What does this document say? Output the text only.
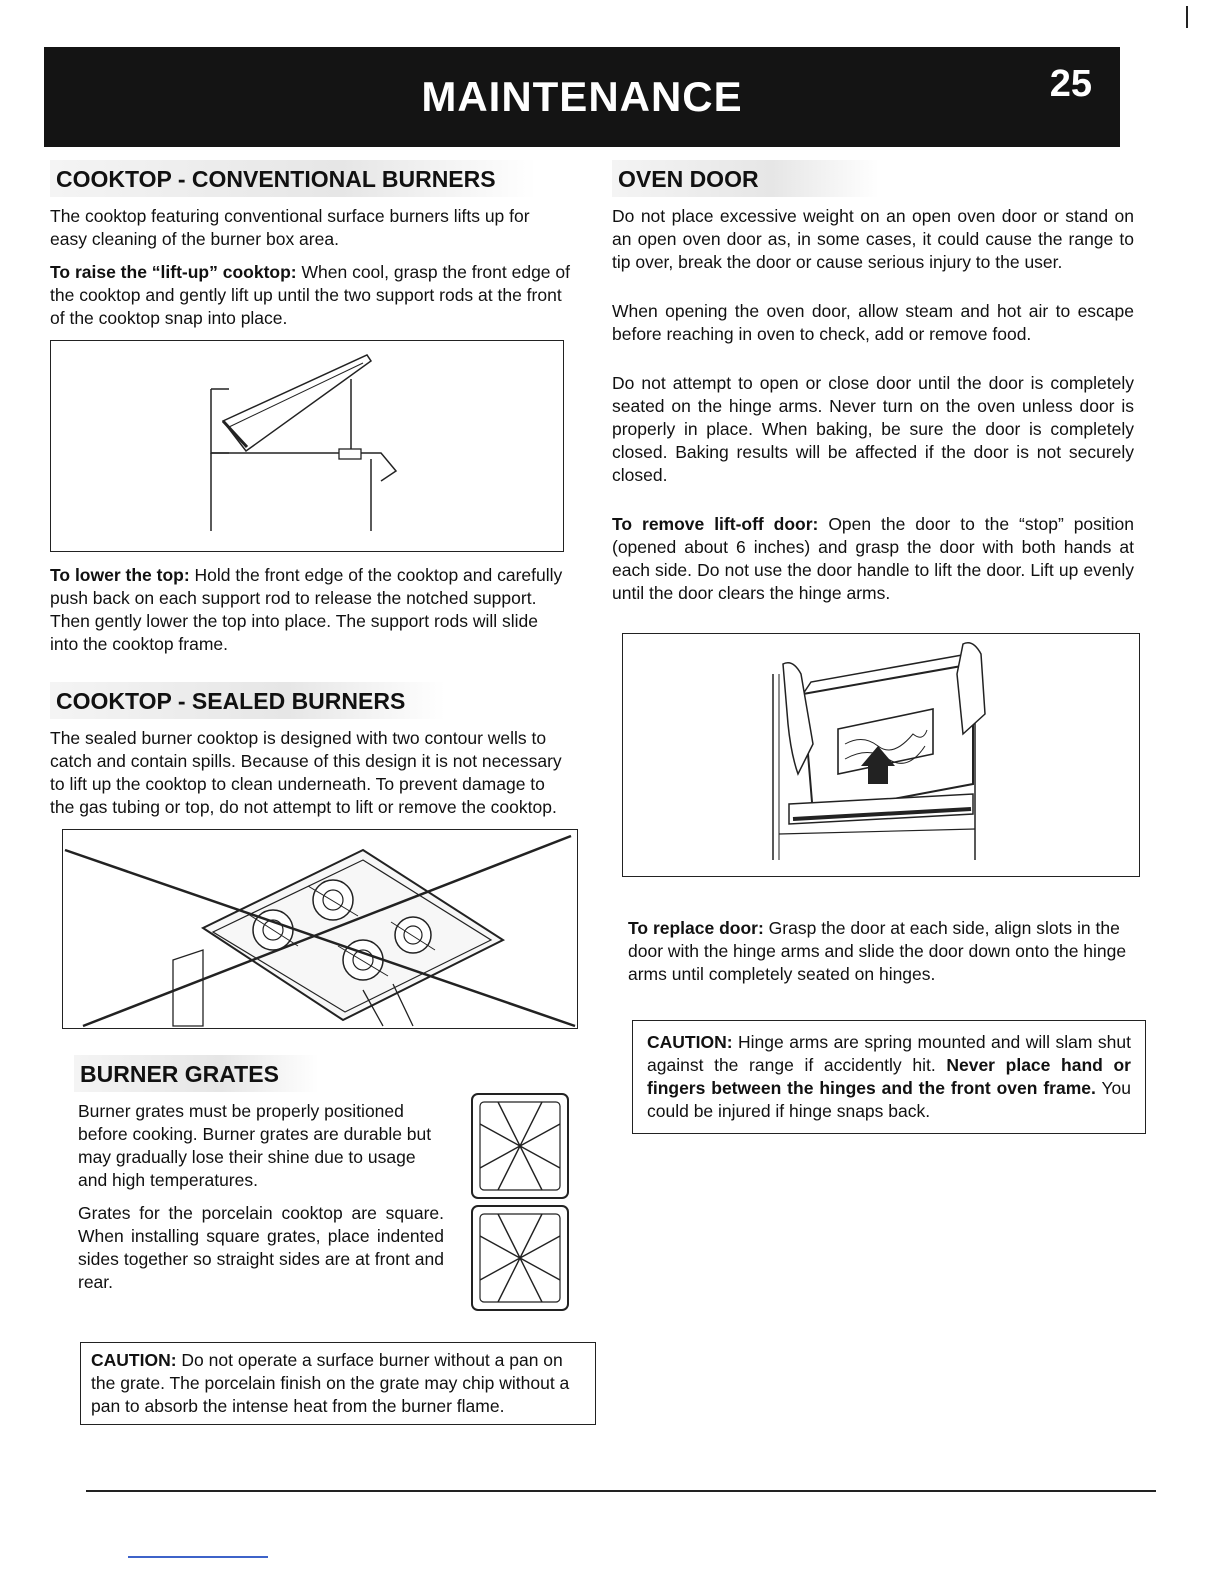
MAINTENANCE	25
COOKTOP - CONVENTIONAL BURNERS

The cooktop featuring conventional surface burners lifts up for easy cleaning of the burner box area.

To raise the “lift-up” cooktop: When cool, grasp the front edge of the cooktop and gently lift up until the two support rods at the front of the cooktop snap into place.

To lower the top: Hold the front edge of the cooktop and carefully push back on each support rod to release the notched support. Then gently lower the top into place. The support rods will slide into the cooktop frame.

COOKTOP - SEALED BURNERS

The sealed burner cooktop is designed with two contour wells to catch and contain spills. Because of this design it is not necessary to lift up the cooktop to clean underneath. To prevent damage to the gas tubing or top, do not attempt to lift or remove the cooktop.

BURNER GRATES

Burner grates must be properly positioned before cooking. Burner grates are durable but may gradually lose their shine due to usage and high temperatures.

Grates for the porcelain cooktop are square. When installing square grates, place indented sides together so straight sides are at front and rear.

CAUTION: Do not operate a surface burner without a pan on the grate. The porcelain finish on the grate may chip without a pan to absorb the intense heat from the burner flame.
OVEN DOOR

Do not place excessive weight on an open oven door or stand on an open oven door as, in some cases, it could cause the range to tip over, break the door or cause serious injury to the user.

When opening the oven door, allow steam and hot air to escape before reaching in oven to check, add or remove food.

Do not attempt to open or close door until the door is completely seated on the hinge arms. Never turn on the oven unless door is properly in place. When baking, be sure the door is completely closed. Baking results will be affected if the door is not securely closed.

To remove lift-off door: Open the door to the “stop” position (opened about 6 inches) and grasp the door with both hands at each side. Do not use the door handle to lift the door. Lift up evenly until the door clears the hinge arms.

To replace door: Grasp the door at each side, align slots in the door with the hinge arms and slide the door down onto the hinge arms until completely seated on hinges.

CAUTION: Hinge arms are spring mounted and will slam shut against the range if accidently hit. Never place hand or fingers between the hinges and the front oven frame. You could be injured if hinge snaps back.
